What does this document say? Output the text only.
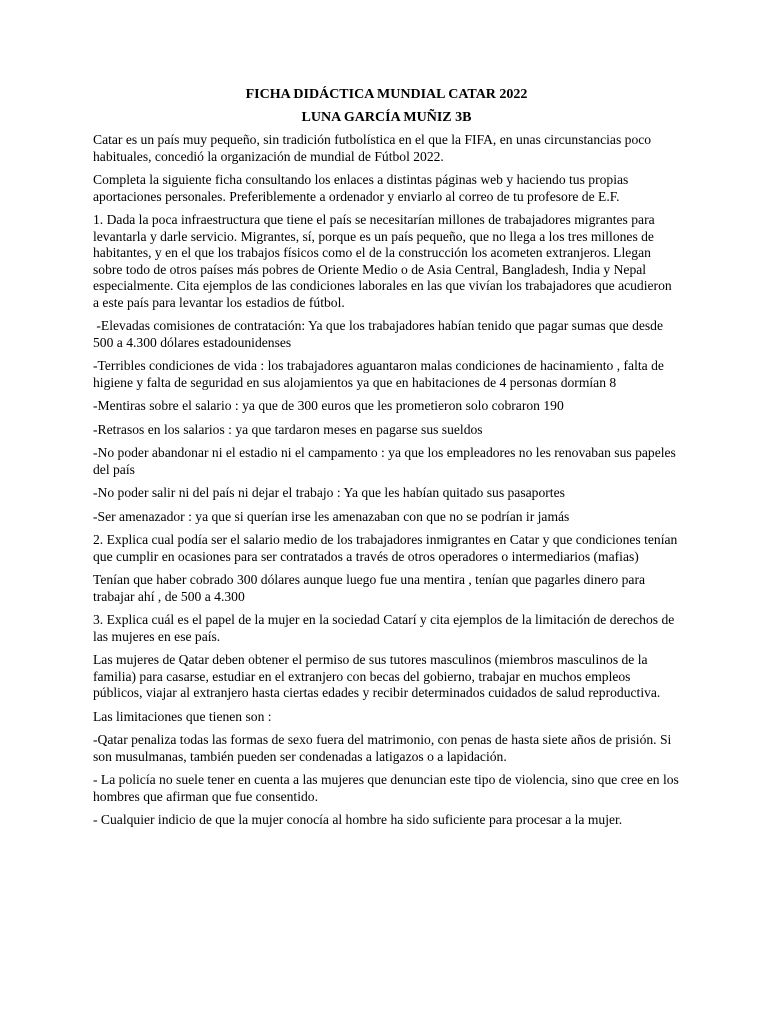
FICHA DIDÁCTICA MUNDIAL CATAR 2022
LUNA GARCÍA MUÑIZ 3B

Catar es un país muy pequeño, sin tradición futbolística en el que la FIFA, en unas circunstancias poco habituales, concedió la organización de mundial de Fútbol 2022.

Completa la siguiente ficha consultando los enlaces a distintas páginas web y haciendo tus propias aportaciones personales. Preferiblemente a ordenador y enviarlo al correo de tu profesore de E.F.

1. Dada la poca infraestructura que tiene el país se necesitarían millones de trabajadores migrantes para levantarla y darle servicio. Migrantes, sí, porque es un país pequeño, que no llega a los tres millones de habitantes, y en el que los trabajos físicos como el de la construcción los acometen extranjeros. Llegan sobre todo de otros países más pobres de Oriente Medio o de Asia Central, Bangladesh, India y Nepal especialmente. Cita ejemplos de las condiciones laborales en las que vivían los trabajadores que acudieron a este país para levantar los estadios de fútbol.

-Elevadas comisiones de contratación: Ya que los trabajadores habían tenido que pagar sumas que desde  500 a 4.300 dólares estadounidenses

-Terribles condiciones de vida : los trabajadores aguantaron malas condiciones de hacinamiento , falta de higiene y falta de seguridad en sus alojamientos ya que en habitaciones de 4 personas dormían 8

-Mentiras sobre el salario : ya que de 300 euros que les prometieron solo cobraron 190

-Retrasos en los salarios : ya que tardaron meses en pagarse sus sueldos

-No poder abandonar ni el estadio ni el campamento : ya que los empleadores no les renovaban sus papeles del país

-No poder salir ni del país ni dejar el trabajo : Ya que les habían quitado sus pasaportes

-Ser amenazador : ya que si querían irse les amenazaban con que no se podrían ir jamás

2. Explica cual podía ser el salario medio de los trabajadores inmigrantes en Catar y que condiciones tenían que cumplir en ocasiones para ser contratados a través de otros operadores o intermediarios (mafias)

Tenían que haber cobrado 300 dólares aunque luego fue una mentira , tenían que pagarles dinero para trabajar ahí , de 500 a 4.300

3. Explica cuál es el papel de la mujer en la sociedad Catarí y cita ejemplos de la limitación de derechos de las mujeres en ese país.

Las mujeres de Qatar deben obtener el permiso de sus tutores masculinos (miembros masculinos de la familia) para casarse, estudiar en el extranjero con becas del gobierno, trabajar en muchos empleos públicos, viajar al extranjero hasta ciertas edades y recibir determinados cuidados de salud reproductiva.

Las limitaciones que tienen son :

-Qatar penaliza todas las formas de sexo fuera del matrimonio, con penas de hasta siete años de prisión. Si son musulmanas, también pueden ser condenadas a latigazos o a lapidación.

- La policía no suele tener en cuenta a las mujeres que denuncian este tipo de violencia, sino que cree en los hombres que afirman que fue consentido.

- Cualquier indicio de que la mujer conocía al hombre ha sido suficiente para procesar a la mujer.
